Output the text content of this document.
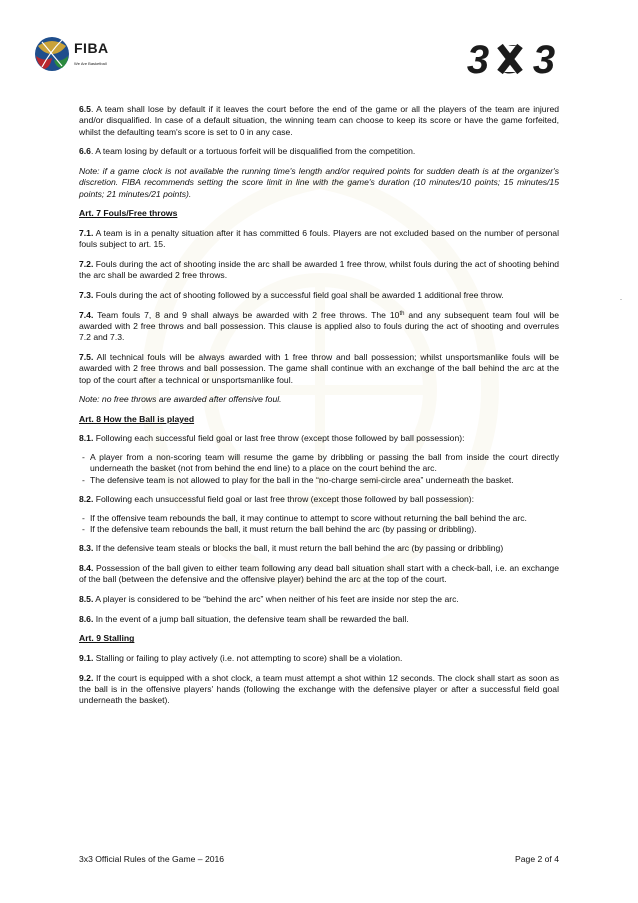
FIBA
We Are Basketball	3 3

6.5. A team shall lose by default if it leaves the court before the end of the game or all the players of the team are injured and/or disqualified. In case of a default situation, the winning team can choose to keep its score or have the game forfeited, whilst the defaulting team's score is set to 0 in any case.

6.6. A team losing by default or a tortuous forfeit will be disqualified from the competition.

Note: if a game clock is not available the running time's length and/or required points for sudden death is at the organizer's discretion. FIBA recommends setting the score limit in line with the game's duration (10 minutes/10 points; 15 minutes/15 points; 21 minutes/21 points).

Art. 7 Fouls/Free throws

7.1. A team is in a penalty situation after it has committed 6 fouls. Players are not excluded based on the number of personal fouls subject to art. 15.

7.2. Fouls during the act of shooting inside the arc shall be awarded 1 free throw, whilst fouls during the act of shooting behind the arc shall be awarded 2 free throws.

7.3. Fouls during the act of shooting followed by a successful field goal shall be awarded 1 additional free throw.

7.4. Team fouls 7, 8 and 9 shall always be awarded with 2 free throws. The 10th and any subsequent team foul will be awarded with 2 free throws and ball possession. This clause is applied also to fouls during the act of shooting and overrules 7.2 and 7.3.

7.5. All technical fouls will be always awarded with 1 free throw and ball possession; whilst unsportsmanlike fouls will be awarded with 2 free throws and ball possession. The game shall continue with an exchange of the ball behind the arc at the top of the court after a technical or unsportsmanlike foul.

Note: no free throws are awarded after offensive foul.

Art. 8 How the Ball is played

8.1. Following each successful field goal or last free throw (except those followed by ball possession):

- A player from a non-scoring team will resume the game by dribbling or passing the ball from inside the court directly underneath the basket (not from behind the end line) to a place on the court behind the arc.
- The defensive team is not allowed to play for the ball in the “no-charge semi-circle area” underneath the basket.

8.2. Following each unsuccessful field goal or last free throw (except those followed by ball possession):

- If the offensive team rebounds the ball, it may continue to attempt to score without returning the ball behind the arc.
- If the defensive team rebounds the ball, it must return the ball behind the arc (by passing or dribbling).

8.3. If the defensive team steals or blocks the ball, it must return the ball behind the arc (by passing or dribbling)

8.4. Possession of the ball given to either team following any dead ball situation shall start with a check-ball, i.e. an exchange of the ball (between the defensive and the offensive player) behind the arc at the top of the court.

8.5. A player is considered to be “behind the arc” when neither of his feet are inside nor step the arc.

8.6. In the event of a jump ball situation, the defensive team shall be rewarded the ball.

Art. 9 Stalling

9.1. Stalling or failing to play actively (i.e. not attempting to score) shall be a violation.

9.2. If the court is equipped with a shot clock, a team must attempt a shot within 12 seconds. The clock shall start as soon as the ball is in the offensive players' hands (following the exchange with the defensive player or after a successful field goal underneath the basket).

3x3 Official Rules of the Game – 2016	Page 2 of 4
